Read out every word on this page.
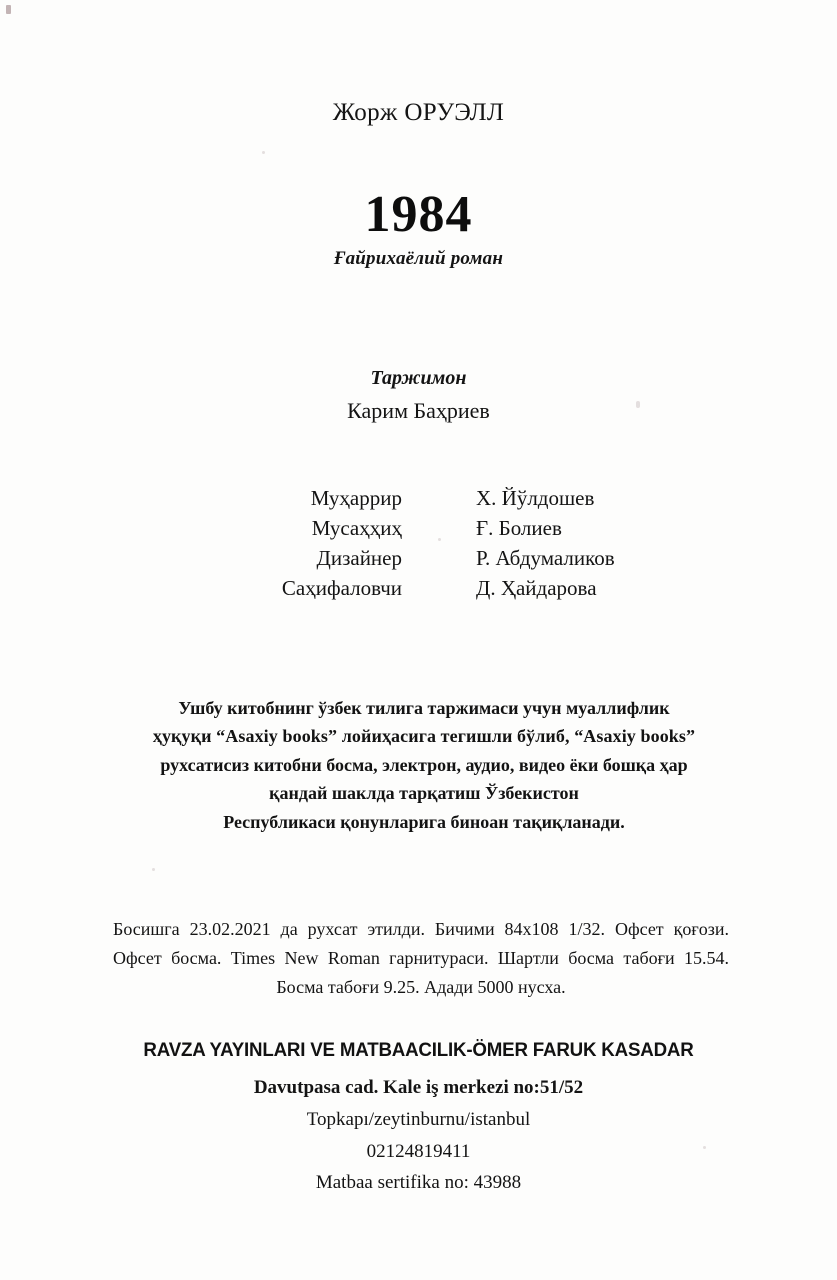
Жорж ОРУЭЛЛ
1984
Ғайрихаёлий роман
Таржимон
Карим Баҳриев
Муҳаррир	Х. Йўлдошев
Мусаҳҳиҳ	Ғ. Болиев
Дизайнер	Р. Абдумаликов
Саҳифаловчи	Д. Ҳайдарова
Ушбу китобнинг ўзбек тилига таржимаси учун муаллифлик
ҳуқуқи “Asaxiy books” лойиҳасига тегишли бўлиб, “Asaxiy books”
рухсатисиз китобни босма, электрон, аудио, видео ёки бошқа ҳар
қандай шаклда тарқатиш Ўзбекистон
Республикаси қонунларига биноан тақиқланади.
Босишга 23.02.2021 да рухсат этилди. Бичими 84х108 1/32. Офсет қоғози. Офсет босма. Times New Roman гарнитураси. Шартли босма табоғи 15.54. Босма табоғи 9.25. Адади 5000 нусха.
RAVZA YAYINLARI VE MATBAACILIK-ÖMER FARUK KASADAR
Davutpasa cad. Kale iş merkezi no:51/52
Topkapı/zeytinburnu/istanbul
02124819411
Matbaa sertifika no: 43988
